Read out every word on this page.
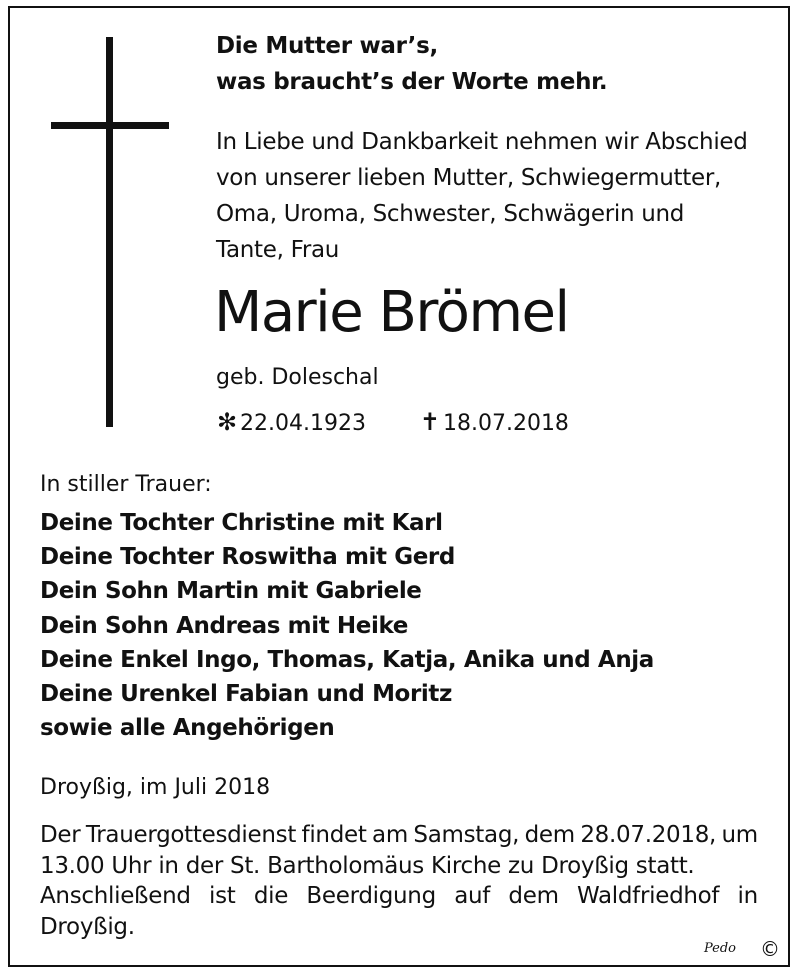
Die Mutter war’s,
was braucht’s der Worte mehr.
In Liebe und Dankbarkeit nehmen wir Abschied
von unserer lieben Mutter, Schwiegermutter,
Oma, Uroma, Schwester, Schwägerin und
Tante, Frau
Marie Brömel
geb. Doleschal
✻ 22.04.1923 ✝ 18.07.2018
In stiller Trauer:
Deine Tochter Christine mit Karl
Deine Tochter Roswitha mit Gerd
Dein Sohn Martin mit Gabriele
Dein Sohn Andreas mit Heike
Deine Enkel Ingo, Thomas, Katja, Anika und Anja
Deine Urenkel Fabian und Moritz
sowie alle Angehörigen
Droyßig, im Juli 2018
Der Trauergottesdienst findet am Samstag, dem 28.07.2018, um
13.00 Uhr in der St. Bartholomäus Kirche zu Droyßig statt.
Anschließend ist die Beerdigung auf dem Waldfriedhof in
Droyßig.
Pedo ©
